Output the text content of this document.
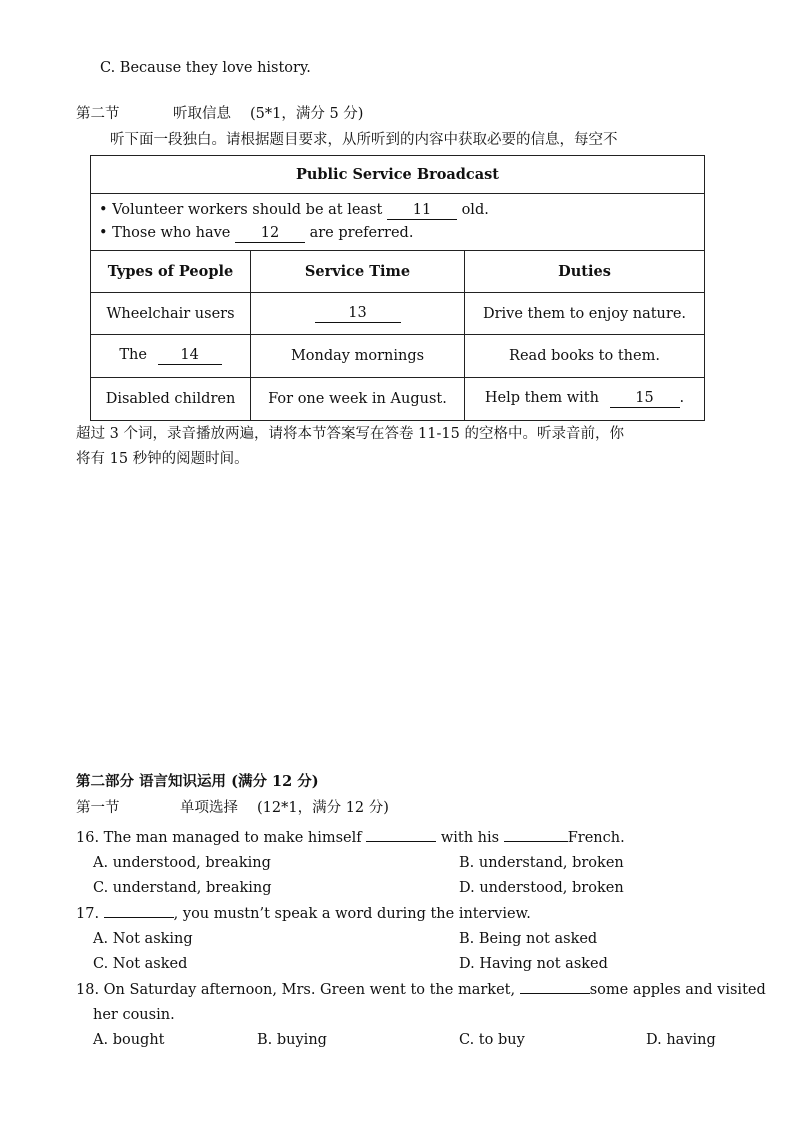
C. Because they love history.
第二节	听取信息 (5*1，满分 5 分)
听下面一段独白。请根据题目要求，从所听到的内容中获取必要的信息，每空不
Public Service Broadcast		

• Volunteer workers should be at least 11 old.
• Those who have 12 are preferred.		

Types of People	Service Time	Duties
Wheelchair users	13	Drive them to enjoy nature.
The 14	Monday mornings	Read books to them.
Disabled children	For one week in August.	Help them with 15 .
超过 3 个词，录音播放两遍，请将本节答案写在答卷 11-15 的空格中。听录音前，你
将有 15 秒钟的阅题时间。
第二部分 语言知识运用 (满分 12 分)
第一节	单项选择 (12*1，满分 12 分)
16. The man managed to make himself	with his	French.
A. understood, breaking	B. understand, broken
C. understand, breaking	D. understood, broken
17.	, you mustn’t speak a word during the interview.
A. Not asking	B. Being not asked
C. Not asked	D. Having not asked
18. On Saturday afternoon, Mrs. Green went to the market,	some apples and visited
her cousin.
A. bought	B. buying	C. to buy	D. having
